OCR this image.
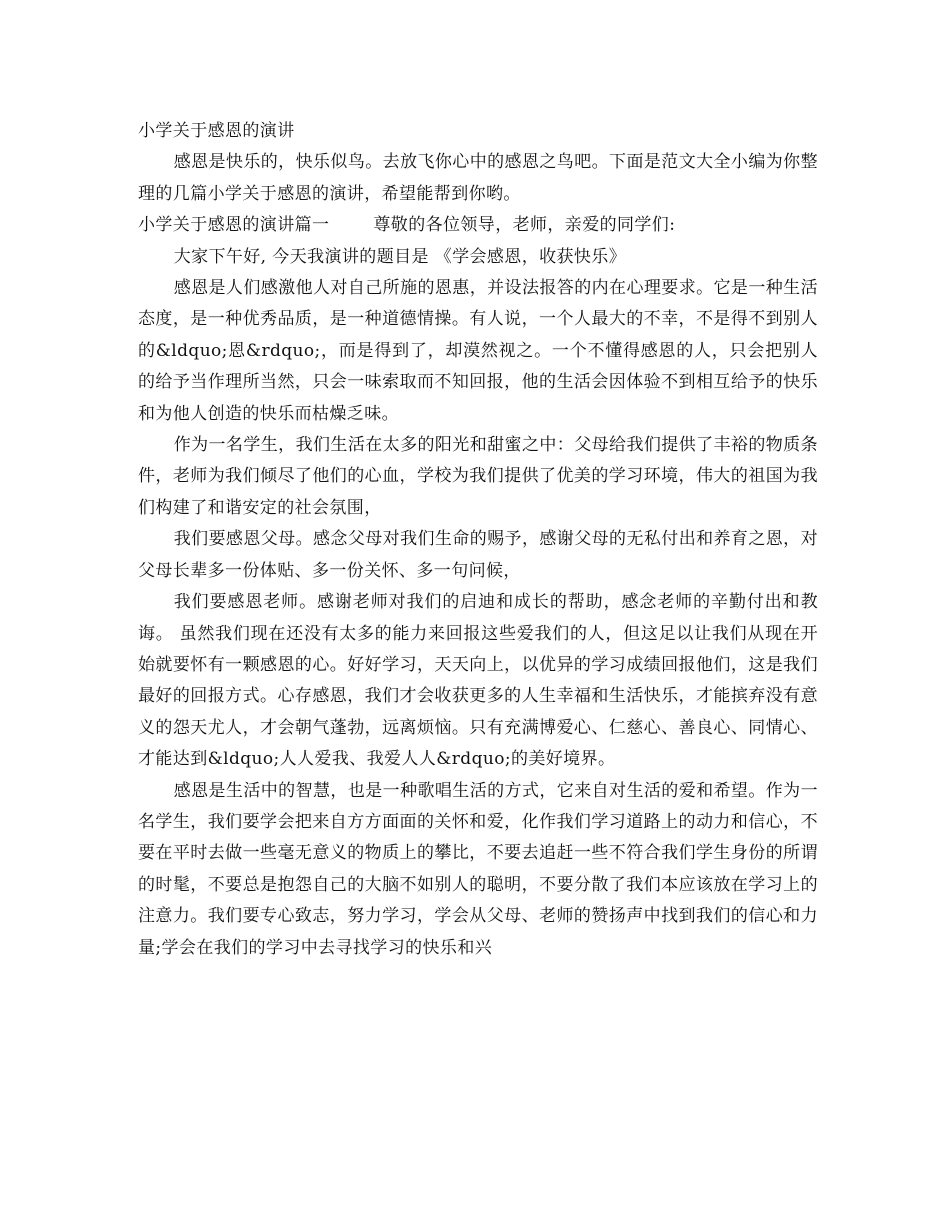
小学关于感恩的演讲

感恩是快乐的，快乐似鸟。去放飞你心中的感恩之鸟吧。下面是范文大全小编为你整理的几篇小学关于感恩的演讲，希望能帮到你哟。

小学关于感恩的演讲篇一	尊敬的各位领导，老师，亲爱的同学们:

大家下午好, 今天我演讲的题目是 《学会感恩，收获快乐》

感恩是人们感激他人对自己所施的恩惠，并设法报答的内在心理要求。它是一种生活态度，是一种优秀品质，是一种道德情操。有人说，一个人最大的不幸，不是得不到别人的&ldquo;恩&rdquo;，而是得到了，却漠然视之。一个不懂得感恩的人，只会把别人的给予当作理所当然，只会一味索取而不知回报，他的生活会因体验不到相互给予的快乐和为他人创造的快乐而枯燥乏味。

作为一名学生，我们生活在太多的阳光和甜蜜之中：父母给我们提供了丰裕的物质条件，老师为我们倾尽了他们的心血，学校为我们提供了优美的学习环境，伟大的祖国为我们构建了和谐安定的社会氛围，

我们要感恩父母。感念父母对我们生命的赐予，感谢父母的无私付出和养育之恩，对父母长辈多一份体贴、多一份关怀、多一句问候，

我们要感恩老师。感谢老师对我们的启迪和成长的帮助，感念老师的辛勤付出和教诲。 虽然我们现在还没有太多的能力来回报这些爱我们的人，但这足以让我们从现在开始就要怀有一颗感恩的心。好好学习，天天向上，以优异的学习成绩回报他们，这是我们最好的回报方式。心存感恩，我们才会收获更多的人生幸福和生活快乐，才能摈弃没有意义的怨天尤人，才会朝气蓬勃，远离烦恼。只有充满博爱心、仁慈心、善良心、同情心、才能达到&ldquo;人人爱我、我爱人人&rdquo;的美好境界。

感恩是生活中的智慧，也是一种歌唱生活的方式，它来自对生活的爱和希望。作为一名学生，我们要学会把来自方方面面的关怀和爱，化作我们学习道路上的动力和信心，不要在平时去做一些毫无意义的物质上的攀比，不要去追赶一些不符合我们学生身份的所谓的时髦，不要总是抱怨自己的大脑不如别人的聪明，不要分散了我们本应该放在学习上的注意力。我们要专心致志，努力学习，学会从父母、老师的赞扬声中找到我们的信心和力量;学会在我们的学习中去寻找学习的快乐和兴
